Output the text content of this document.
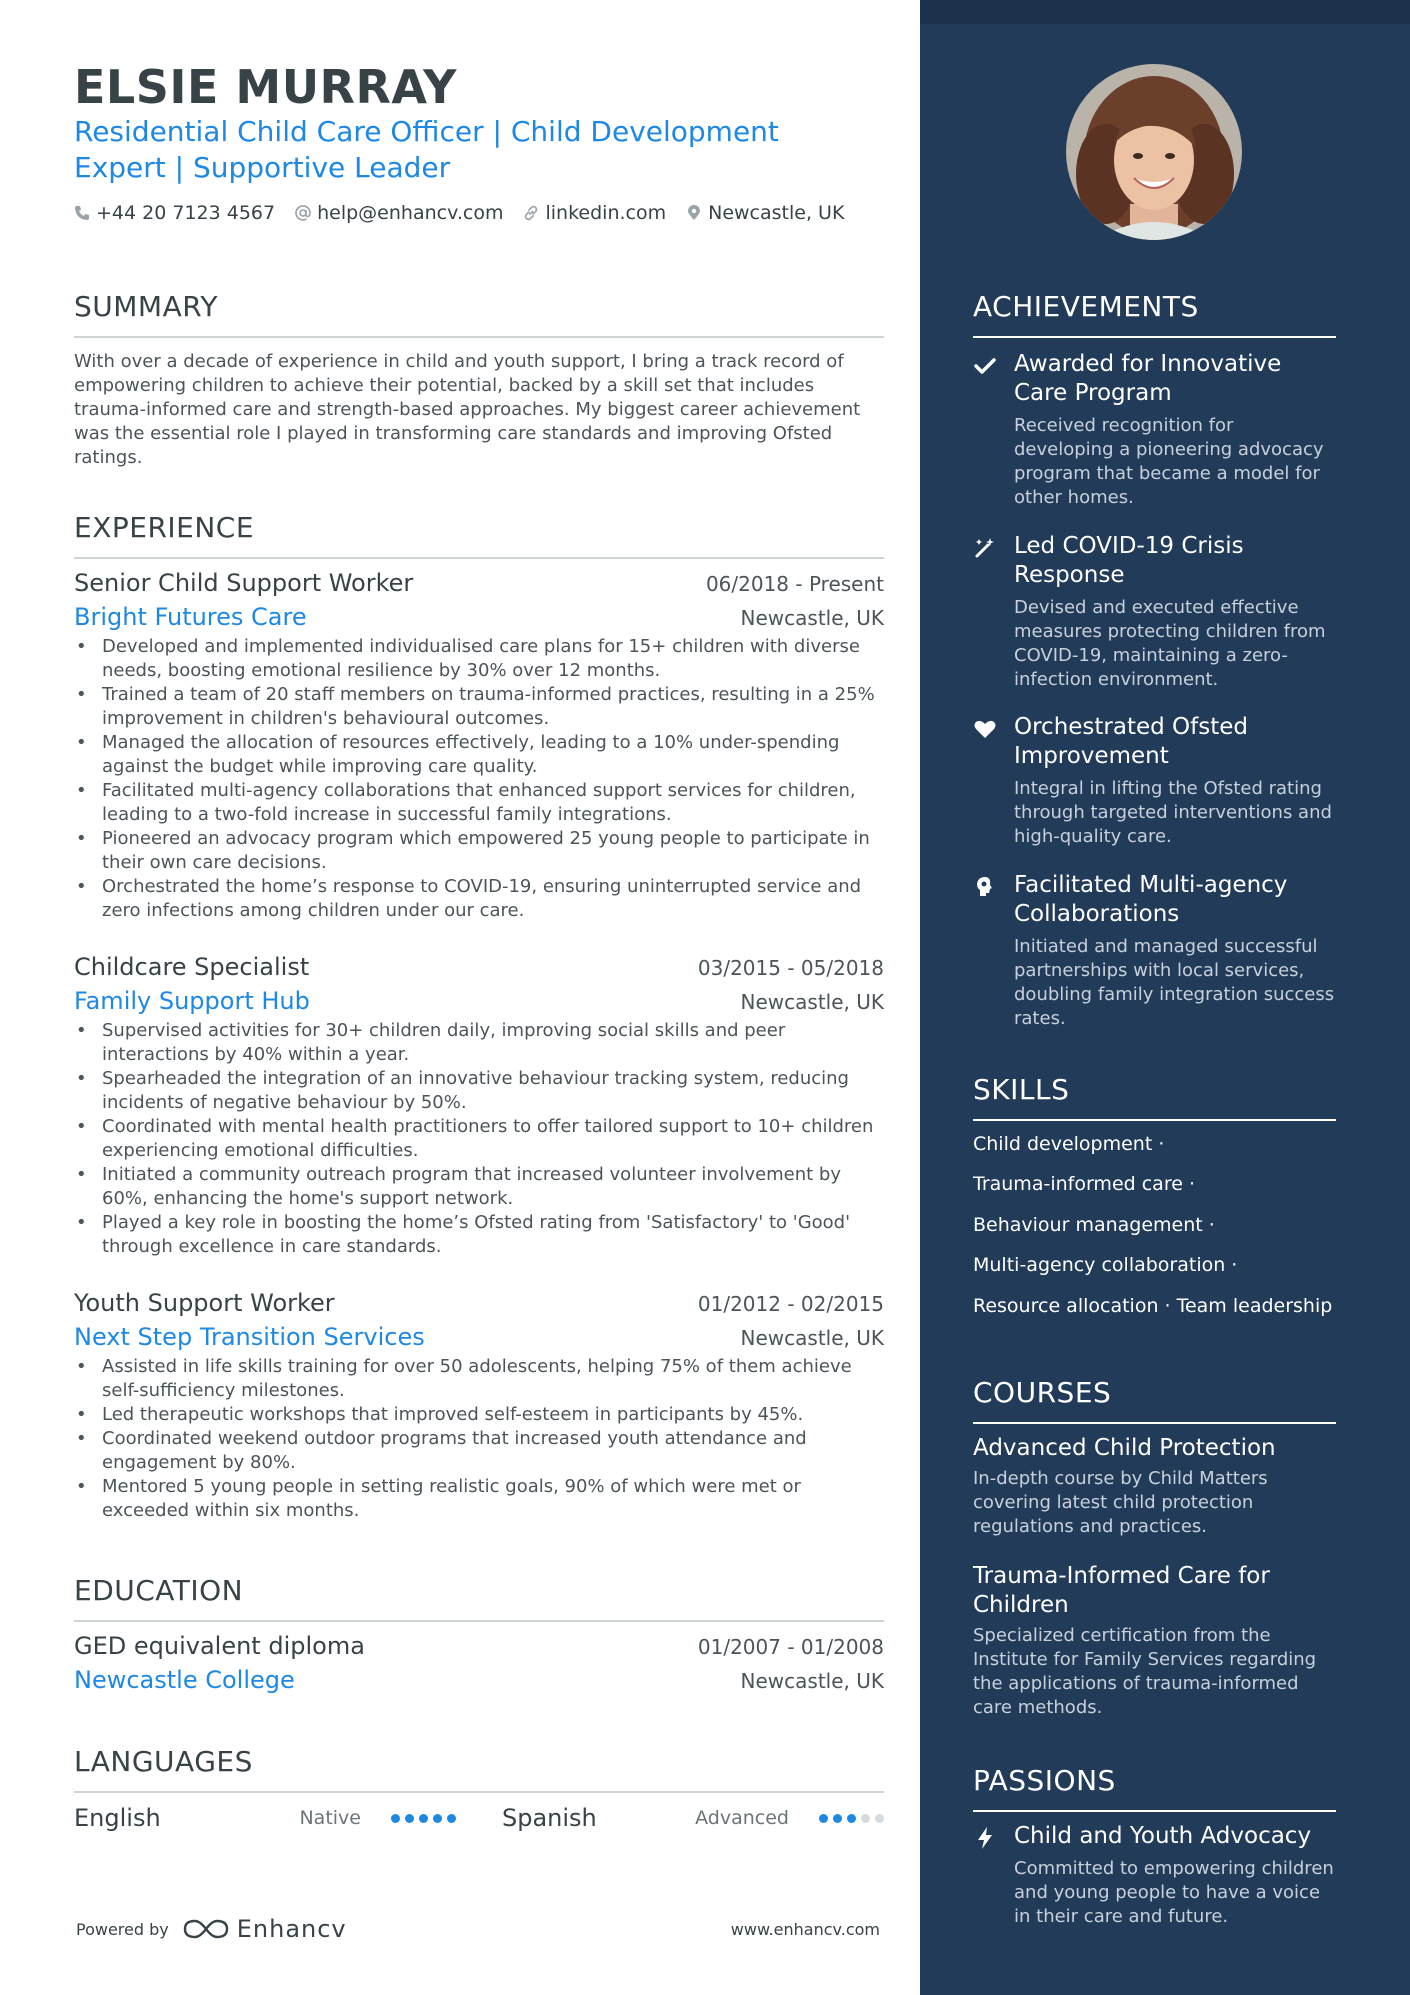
ELSIE MURRAY
Residential Child Care Officer | Child Development Expert | Supportive Leader
+44 20 7123 4567 help@enhancv.com linkedin.com Newcastle, UK
SUMMARY
With over a decade of experience in child and youth support, I bring a track record of empowering children to achieve their potential, backed by a skill set that includes trauma-informed care and strength-based approaches. My biggest career achievement was the essential role I played in transforming care standards and improving Ofsted ratings.
EXPERIENCE
Senior Child Support Worker	06/2018 - Present
Bright Futures Care	Newcastle, UK
• Developed and implemented individualised care plans for 15+ children with diverse needs, boosting emotional resilience by 30% over 12 months.
• Trained a team of 20 staff members on trauma-informed practices, resulting in a 25% improvement in children's behavioural outcomes.
• Managed the allocation of resources effectively, leading to a 10% under-spending against the budget while improving care quality.
• Facilitated multi-agency collaborations that enhanced support services for children, leading to a two-fold increase in successful family integrations.
• Pioneered an advocacy program which empowered 25 young people to participate in their own care decisions.
• Orchestrated the home’s response to COVID-19, ensuring uninterrupted service and zero infections among children under our care.
Childcare Specialist	03/2015 - 05/2018
Family Support Hub	Newcastle, UK
• Supervised activities for 30+ children daily, improving social skills and peer interactions by 40% within a year.
• Spearheaded the integration of an innovative behaviour tracking system, reducing incidents of negative behaviour by 50%.
• Coordinated with mental health practitioners to offer tailored support to 10+ children experiencing emotional difficulties.
• Initiated a community outreach program that increased volunteer involvement by 60%, enhancing the home's support network.
• Played a key role in boosting the home’s Ofsted rating from 'Satisfactory' to 'Good' through excellence in care standards.
Youth Support Worker	01/2012 - 02/2015
Next Step Transition Services	Newcastle, UK
• Assisted in life skills training for over 50 adolescents, helping 75% of them achieve self-sufficiency milestones.
• Led therapeutic workshops that improved self-esteem in participants by 45%.
• Coordinated weekend outdoor programs that increased youth attendance and engagement by 80%.
• Mentored 5 young people in setting realistic goals, 90% of which were met or exceeded within six months.
EDUCATION
GED equivalent diploma	01/2007 - 01/2008
Newcastle College	Newcastle, UK
LANGUAGES
English	Native	Spanish	Advanced
Powered by	Enhancv	www.enhancv.com
ACHIEVEMENTS
Awarded for Innovative Care Program
Received recognition for developing a pioneering advocacy program that became a model for other homes.
Led COVID-19 Crisis Response
Devised and executed effective measures protecting children from COVID-19, maintaining a zero-infection environment.
Orchestrated Ofsted Improvement
Integral in lifting the Ofsted rating through targeted interventions and high-quality care.
Facilitated Multi-agency Collaborations
Initiated and managed successful partnerships with local services, doubling family integration success rates.
SKILLS
Child development ·
Trauma-informed care ·
Behaviour management ·
Multi-agency collaboration ·
Resource allocation · Team leadership
COURSES
Advanced Child Protection
In-depth course by Child Matters covering latest child protection regulations and practices.
Trauma-Informed Care for Children
Specialized certification from the Institute for Family Services regarding the applications of trauma-informed care methods.
PASSIONS
Child and Youth Advocacy
Committed to empowering children and young people to have a voice in their care and future.
